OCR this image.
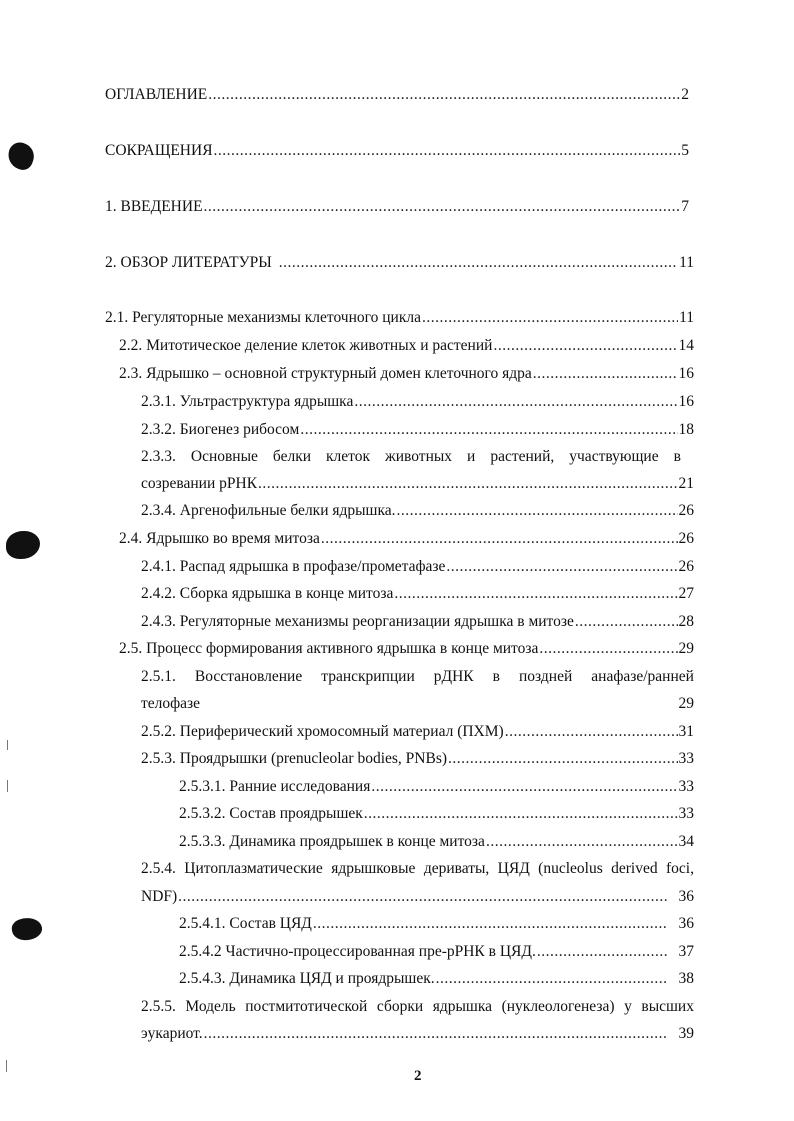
ОГЛАВЛЕНИЕ .....	2
СОКРАЩЕНИЯ .....	5
1. ВВЕДЕНИЕ .....	7
2. ОБЗОР ЛИТЕРАТУРЫ .....	11
2.1. Регуляторные механизмы клеточного цикла .....	11
2.2. Митотическое деление клеток животных и растений .....	14
2.3. Ядрышко – основной структурный домен клеточного ядра .....	16
2.3.1. Ультраструктура ядрышка .....	16
2.3.2. Биогенез рибосом .....	18
2.3.3. Основные белки клеток животных и растений, участвующие в
созревании рРНК .....	21
2.3.4. Аргенофильные белки ядрышка. .....	26
2.4. Ядрышко во время митоза .....	26
2.4.1. Распад ядрышка в профазе/прометафазе .....	26
2.4.2. Сборка ядрышка в конце митоза .....	27
2.4.3. Регуляторные механизмы реорганизации ядрышка в митозе .....	28
2.5. Процесс формирования активного ядрышка в конце митоза .....	29
2.5.1. Восстановление транскрипции рДНК в поздней анафазе/ранней
телофазе	29
2.5.2. Периферический хромосомный материал (ПХМ) .....	31
2.5.3. Проядрышки (prenucleolar bodies, PNBs) .....	33
2.5.3.1. Ранние исследования .....	33
2.5.3.2. Состав проядрышек .....	33
2.5.3.3. Динамика проядрышек в конце митоза .....	34
2.5.4. Цитоплазматические ядрышковые дериваты, ЦЯД (nucleolus derived foci,
NDF) .....	36
2.5.4.1. Состав ЦЯД .....	36
2.5.4.2 Частично-процессированная пре-рРНК в ЦЯД. .....	37
2.5.4.3. Динамика ЦЯД и проядрышек. .....	38
2.5.5. Модель постмитотической сборки ядрышка (нуклеологенеза) у высших
эукариот. .....	39
2
